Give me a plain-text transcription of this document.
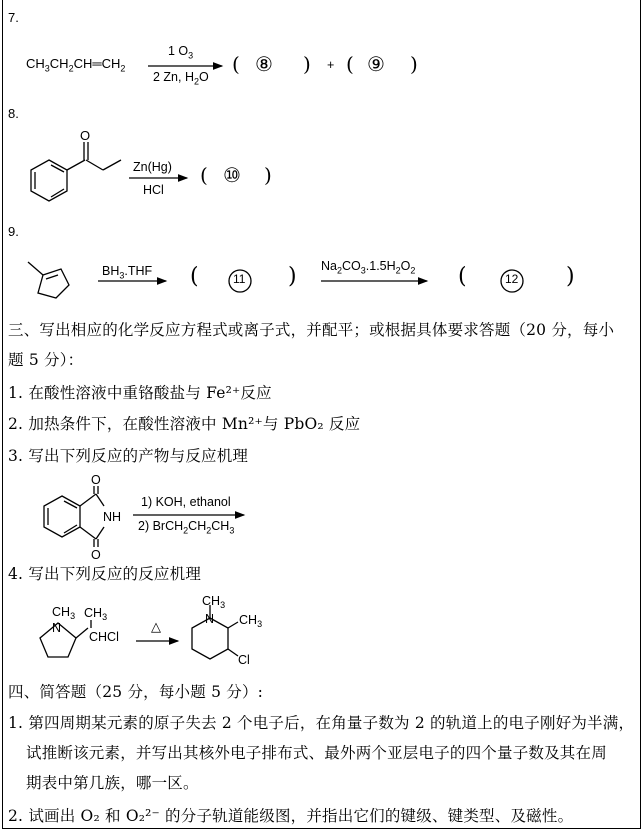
7.
$CH_3CH_2CH═CH_2$
1 $O_3$
2 Zn, $H_2O$
( ⑧ ) + ( ⑨ )
8.
Zn(Hg)
HCl
( ⑩ )
9.
$BH_3.THF$	$Na_2CO_3.1.5H_2O_2$
(	)	(	)
11	12
三、写出相应的化学反应方程式或离子式，并配平；或根据具体要求答题（20 分，每小
题 5 分）：
1. 在酸性溶液中重铬酸盐与 Fe²⁺反应
2. 加热条件下，在酸性溶液中 Mn²⁺与 PbO₂ 反应
3. 写出下列反应的产物与反应机理
1) KOH, ethanol
2) $BrCH_2CH_2CH_3$
4. 写出下列反应的反应机理
△
四、简答题（25 分，每小题 5 分）:
1. 第四周期某元素的原子失去 2 个电子后，在角量子数为 2 的轨道上的电子刚好为半满，
试推断该元素，并写出其核外电子排布式、最外两个亚层电子的四个量子数及其在周
期表中第几族，哪一区。
2. 试画出 O₂ 和 O₂²⁻ 的分子轨道能级图，并指出它们的键级、键类型、及磁性。
O
O
NH
O
$CH_3$
N
$CH_3$
CHCl
$CH_3$
N $CH_3$
Cl
